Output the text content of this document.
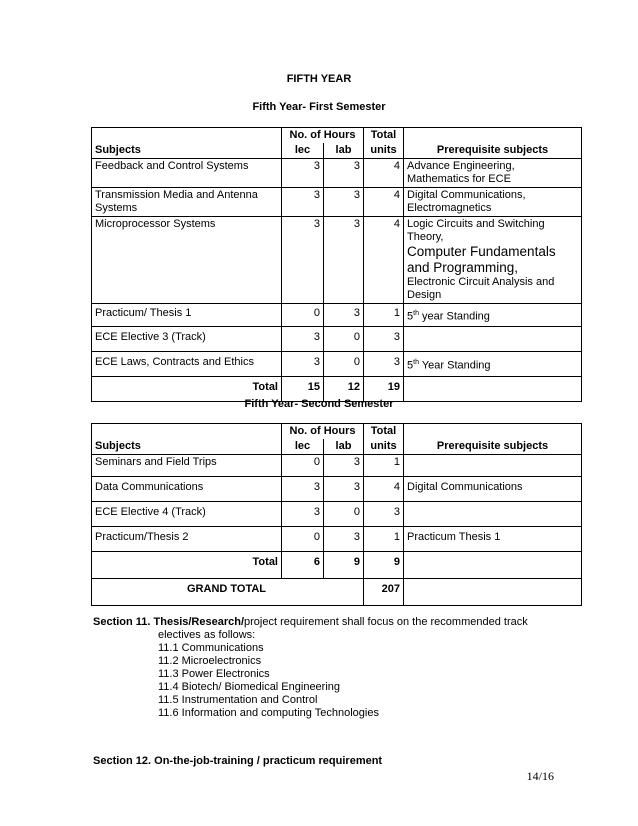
FIFTH YEAR
Fifth Year- First Semester
Subjects	No. of Hours		Total	Prerequisite subjects
	lec	lab	units	
Feedback and Control Systems	3	3	4	Advance Engineering,
Mathematics for ECE

Transmission Media and Antenna Systems	3	3	4	Digital Communications,
Electromagnetics

Microprocessor Systems	3	3	4	Logic Circuits and Switching Theory,
Computer Fundamentals and Programming,
Electronic Circuit Analysis and Design

Practicum/ Thesis 1	0	3	1	5th year Standing
ECE Elective 3 (Track)	3	0	3	
ECE Laws, Contracts and Ethics	3	0	3	5th Year Standing
Total	15	12	19	
Fifth Year- Second Semester
Subjects	No. of Hours		Total	Prerequisite subjects
	lec	lab	units	
Seminars and Field Trips	0	3	1	
Data Communications	3	3	4	Digital Communications
ECE Elective 4 (Track)	3	0	3	
Practicum/Thesis 2	0	3	1	Practicum Thesis 1
Total	6	9	9	
GRAND TOTAL			207	
Section 11. Thesis/Research/project requirement shall focus on the recommended track
electives as follows:
11.1 Communications
11.2 Microelectronics
11.3 Power Electronics
11.4 Biotech/ Biomedical Engineering
11.5 Instrumentation and Control
11.6 Information and computing Technologies
Section 12. On-the-job-training / practicum requirement
14/16
